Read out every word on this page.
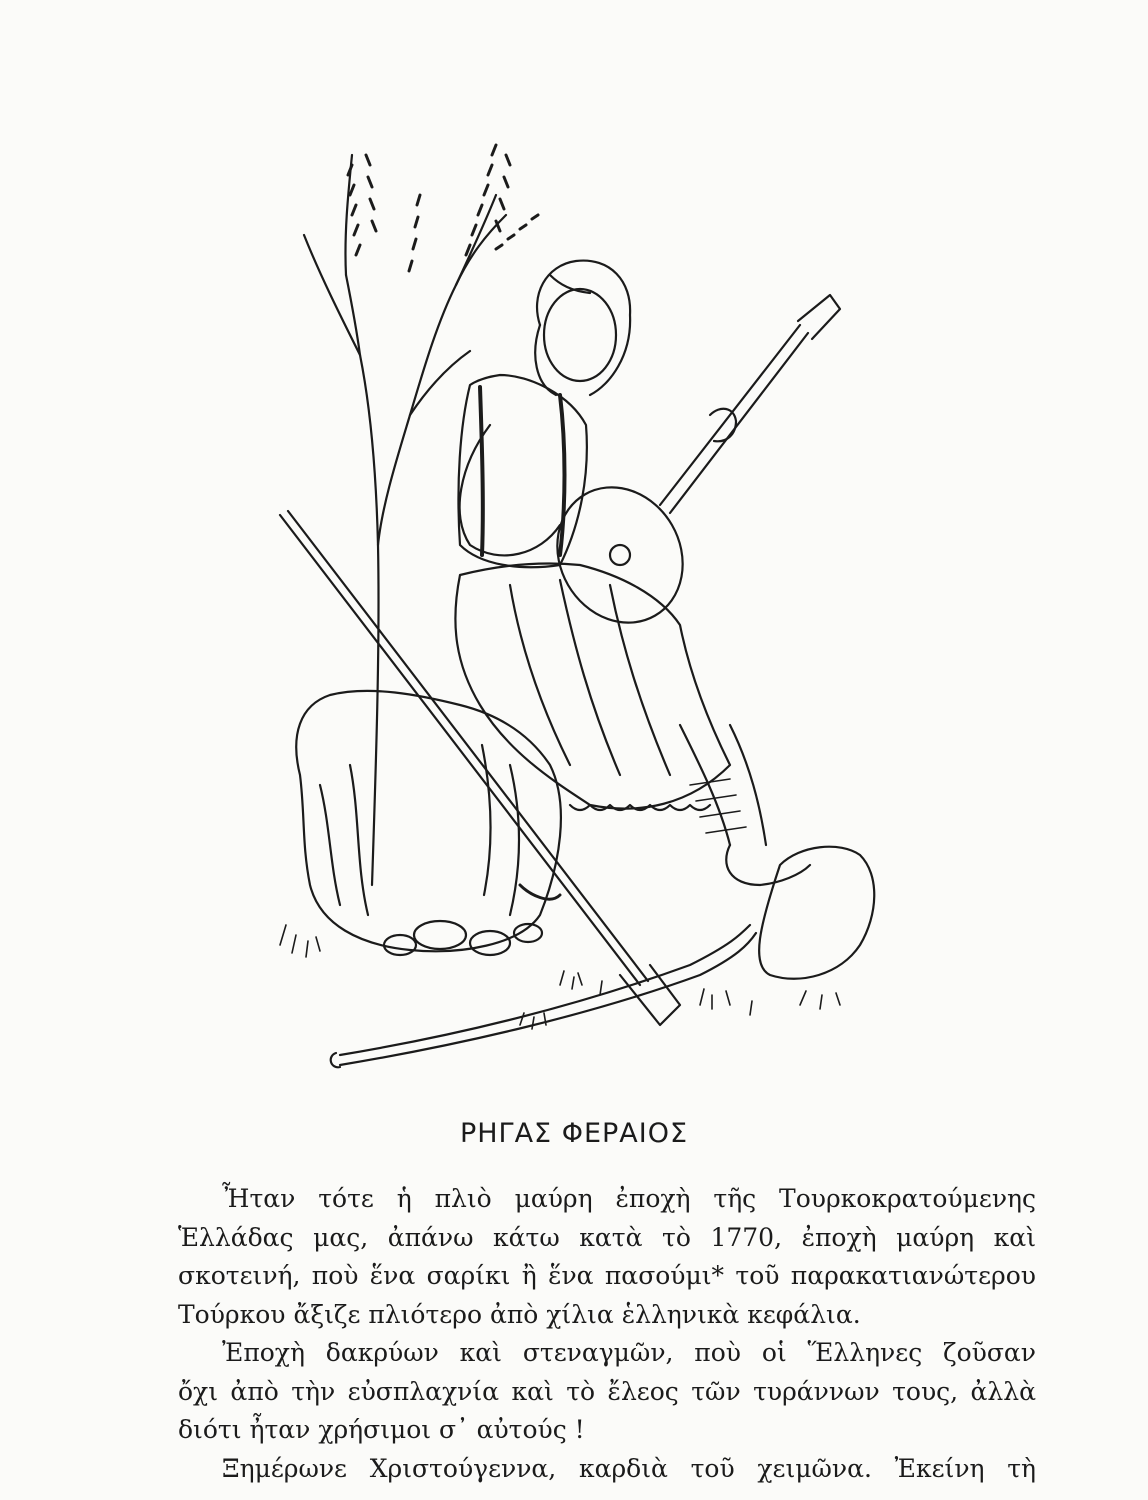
ΡΗΓΑΣ ΦΕΡΑΙΟΣ
Ἦταν τότε ἡ πλιὸ μαύρη ἐποχὴ τῆς Τουρκοκρατούμενης
Ἑλλάδας μας, ἀπάνω κάτω κατὰ τὸ 1770, ἐποχὴ μαύρη καὶ
σκοτεινή, ποὺ ἕνα σαρίκι ἢ ἕνα πασούμι* τοῦ παρακατιανώτερου
Τούρκου ἄξιζε πλιότερο ἀπὸ χίλια ἑλληνικὰ κεφάλια.
Ἐποχὴ δακρύων καὶ στεναγμῶν, ποὺ οἱ Ἕλληνες ζοῦσαν
ὄχι ἀπὸ τὴν εὐσπλαχνία καὶ τὸ ἔλεος τῶν τυράννων τους, ἀλλὰ
διότι ἦταν χρήσιμοι σ᾽ αὐτούς !
Ξημέρωνε Χριστούγεννα, καρδιὰ τοῦ χειμῶνα. Ἐκείνη τὴ
